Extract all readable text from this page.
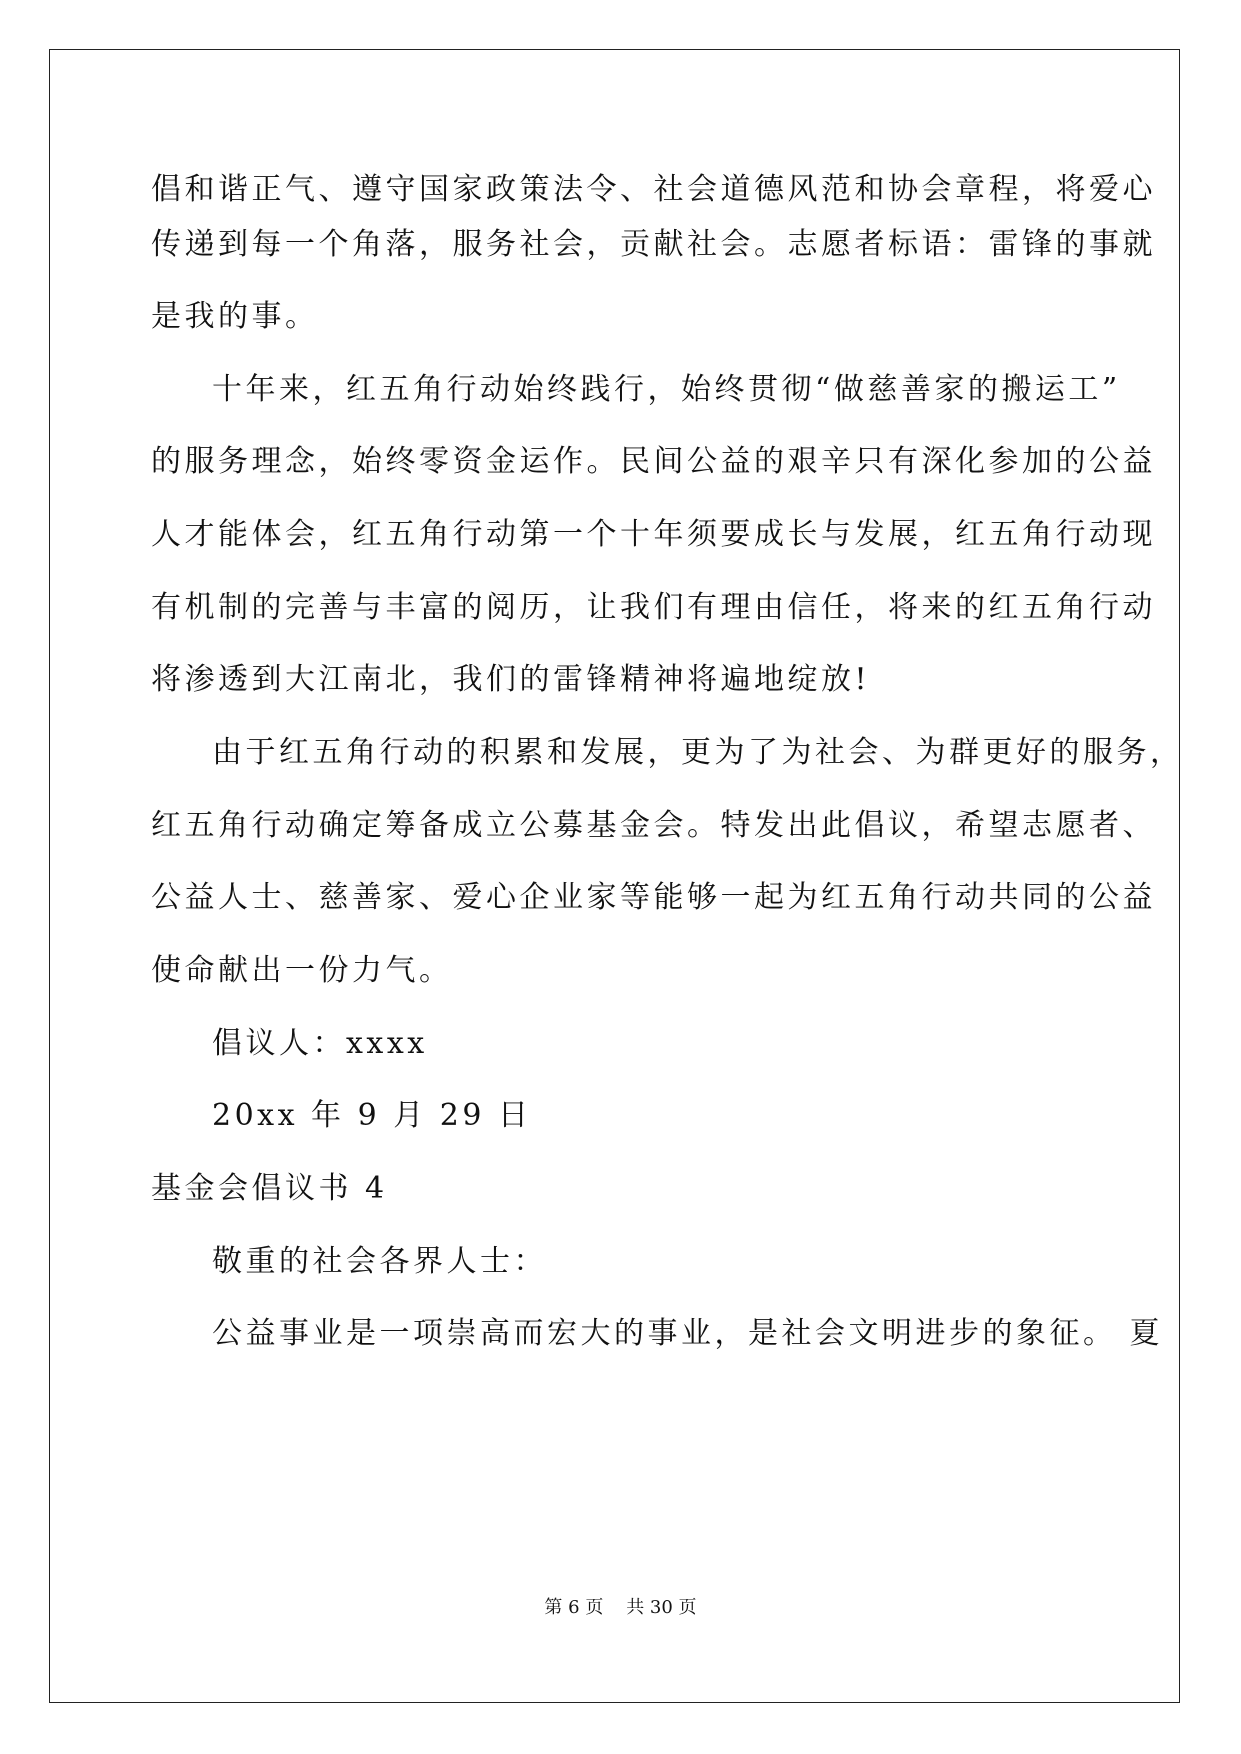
倡和谐正气、遵守国家政策法令、社会道德风范和协会章程，将爱心
传递到每一个角落，服务社会，贡献社会。志愿者标语：雷锋的事就
是我的事。
十年来，红五角行动始终践行，始终贯彻“做慈善家的搬运工”
的服务理念，始终零资金运作。民间公益的艰辛只有深化参加的公益
人才能体会，红五角行动第一个十年须要成长与发展，红五角行动现
有机制的完善与丰富的阅历，让我们有理由信任，将来的红五角行动
将渗透到大江南北，我们的雷锋精神将遍地绽放!
由于红五角行动的积累和发展，更为了为社会、为群更好的服务，
红五角行动确定筹备成立公募基金会。特发出此倡议，希望志愿者、
公益人士、慈善家、爱心企业家等能够一起为红五角行动共同的公益
使命献出一份力气。
倡议人：xxxx
20xx 年 9 月 29 日
基金会倡议书 4
敬重的社会各界人士：
公益事业是一项崇高而宏大的事业，是社会文明进步的象征。 夏
第 6 页    共 30 页
